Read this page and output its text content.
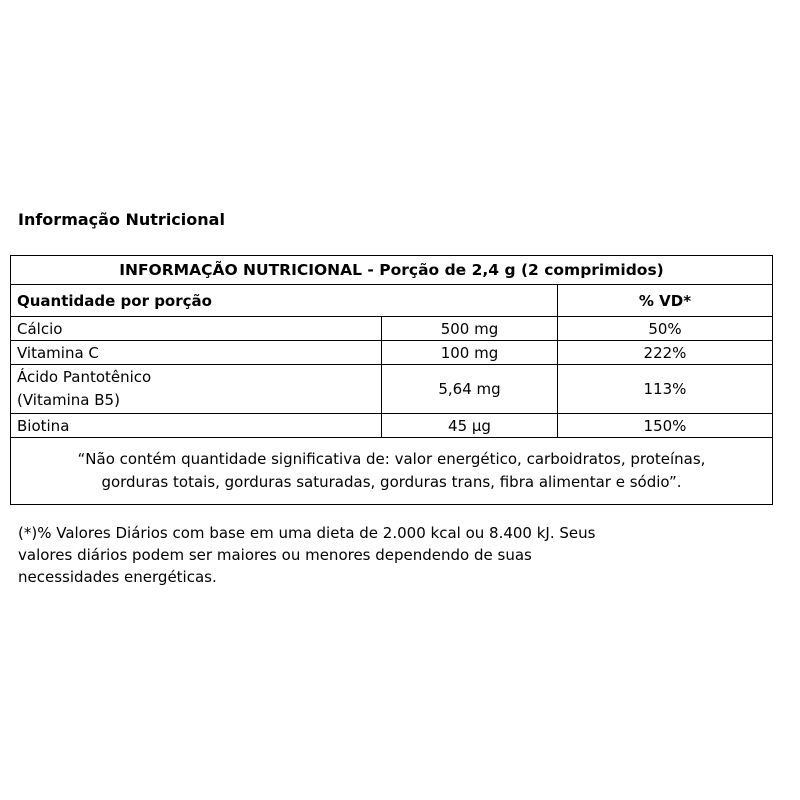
Informação Nutricional
INFORMAÇÃO NUTRICIONAL - Porção de 2,4 g (2 comprimidos)		
Quantidade por porção		% VD*
Cálcio	500 mg	50%
Vitamina C	100 mg	222%

Ácido Pantotênico
(Vitamina B5)	5,64 mg	113%
Biotina	45 µg	150%

“Não contém quantidade significativa de: valor energético, carboidratos, proteínas,
gorduras totais, gorduras saturadas, gorduras trans, fibra alimentar e sódio”.		
(*)% Valores Diários com base em uma dieta de 2.000 kcal ou 8.400 kJ. Seus
valores diários podem ser maiores ou menores dependendo de suas
necessidades energéticas.
